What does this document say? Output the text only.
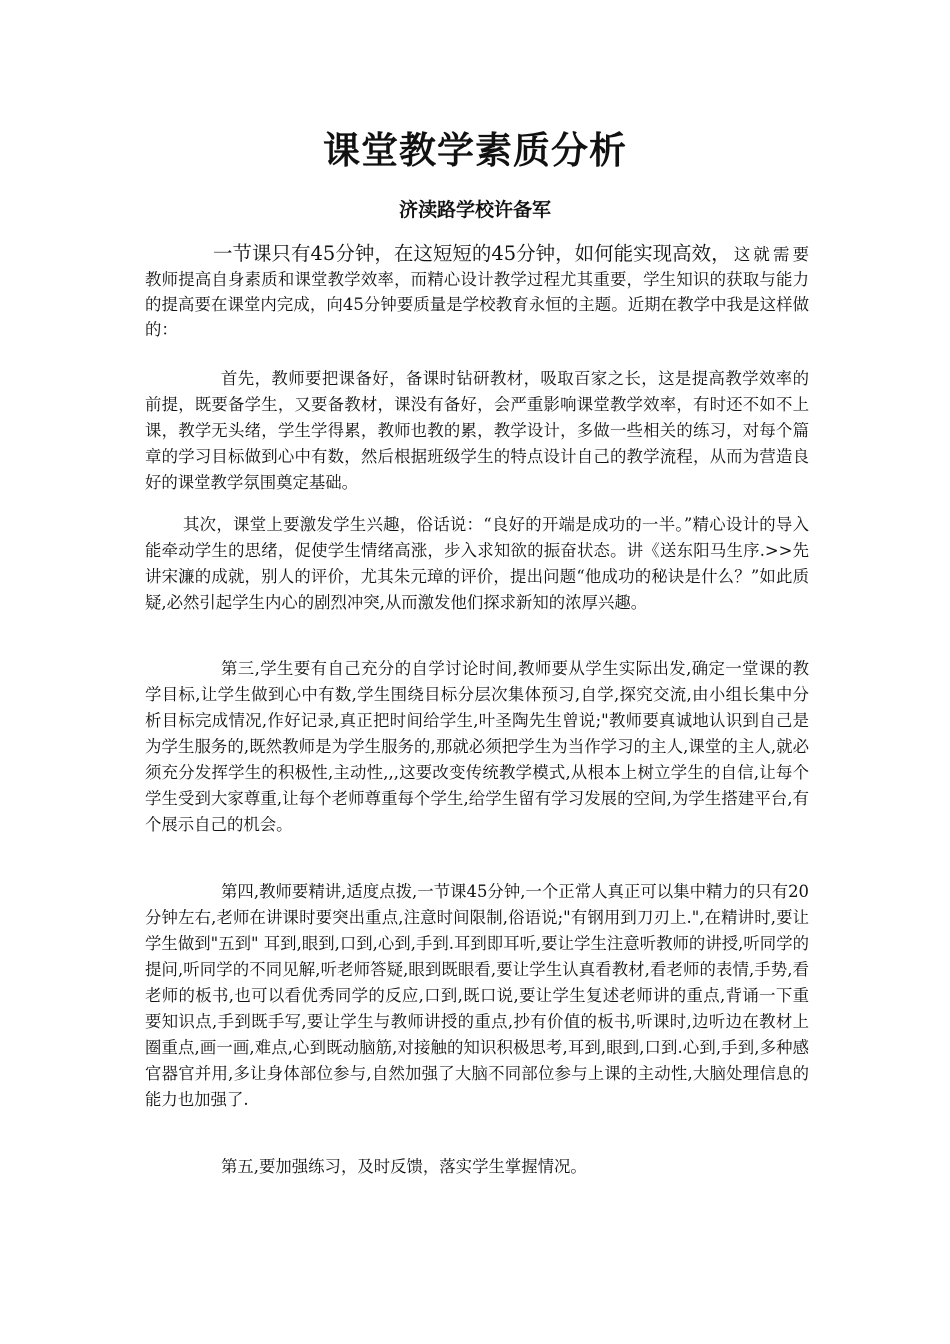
课堂教学素质分析
济渎路学校许备军

一节课只有45分钟，在这短短的45分钟，如何能实现高效，这就需要教师提高自身素质和课堂教学效率，而精心设计教学过程尤其重要，学生知识的获取与能力的提高要在课堂内完成，向45分钟要质量是学校教育永恒的主题。近期在教学中我是这样做的：

首先，教师要把课备好，备课时钻研教材，吸取百家之长，这是提高教学效率的前提，既要备学生，又要备教材，课没有备好，会严重影响课堂教学效率，有时还不如不上课，教学无头绪，学生学得累，教师也教的累，教学设计，多做一些相关的练习，对每个篇章的学习目标做到心中有数，然后根据班级学生的特点设计自己的教学流程，从而为营造良好的课堂教学氛围奠定基础。

其次，课堂上要激发学生兴趣，俗话说：“良好的开端是成功的一半。”精心设计的导入能牵动学生的思绪，促使学生情绪高涨，步入求知欲的振奋状态。讲《送东阳马生序.>>先讲宋濂的成就，别人的评价，尤其朱元璋的评价，提出问题“他成功的秘诀是什么？”如此质疑,必然引起学生内心的剧烈冲突,从而激发他们探求新知的浓厚兴趣。

第三,学生要有自己充分的自学讨论时间,教师要从学生实际出发,确定一堂课的教学目标,让学生做到心中有数,学生围绕目标分层次集体预习,自学,探究交流,由小组长集中分析目标完成情况,作好记录,真正把时间给学生,叶圣陶先生曾说;"教师要真诚地认识到自己是为学生服务的,既然教师是为学生服务的,那就必须把学生为当作学习的主人,课堂的主人,就必须充分发挥学生的积极性,主动性,,,这要改变传统教学模式,从根本上树立学生的自信,让每个学生受到大家尊重,让每个老师尊重每个学生,给学生留有学习发展的空间,为学生搭建平台,有个展示自己的机会。

第四,教师要精讲,适度点拨,一节课45分钟,一个正常人真正可以集中精力的只有20分钟左右,老师在讲课时要突出重点,注意时间限制,俗语说;"有钢用到刀刃上.",在精讲时,要让学生做到"五到" 耳到,眼到,口到,心到,手到.耳到即耳听,要让学生注意听教师的讲授,听同学的提问,听同学的不同见解,听老师答疑,眼到既眼看,要让学生认真看教材,看老师的表情,手势,看老师的板书,也可以看优秀同学的反应,口到,既口说,要让学生复述老师讲的重点,背诵一下重要知识点,手到既手写,要让学生与教师讲授的重点,抄有价值的板书,听课时,边听边在教材上圈重点,画一画,难点,心到既动脑筋,对接触的知识积极思考,耳到,眼到,口到.心到,手到,多种感官器官并用,多让身体部位参与,自然加强了大脑不同部位参与上课的主动性,大脑处理信息的能力也加强了.

第五,要加强练习，及时反馈，落实学生掌握情况。
